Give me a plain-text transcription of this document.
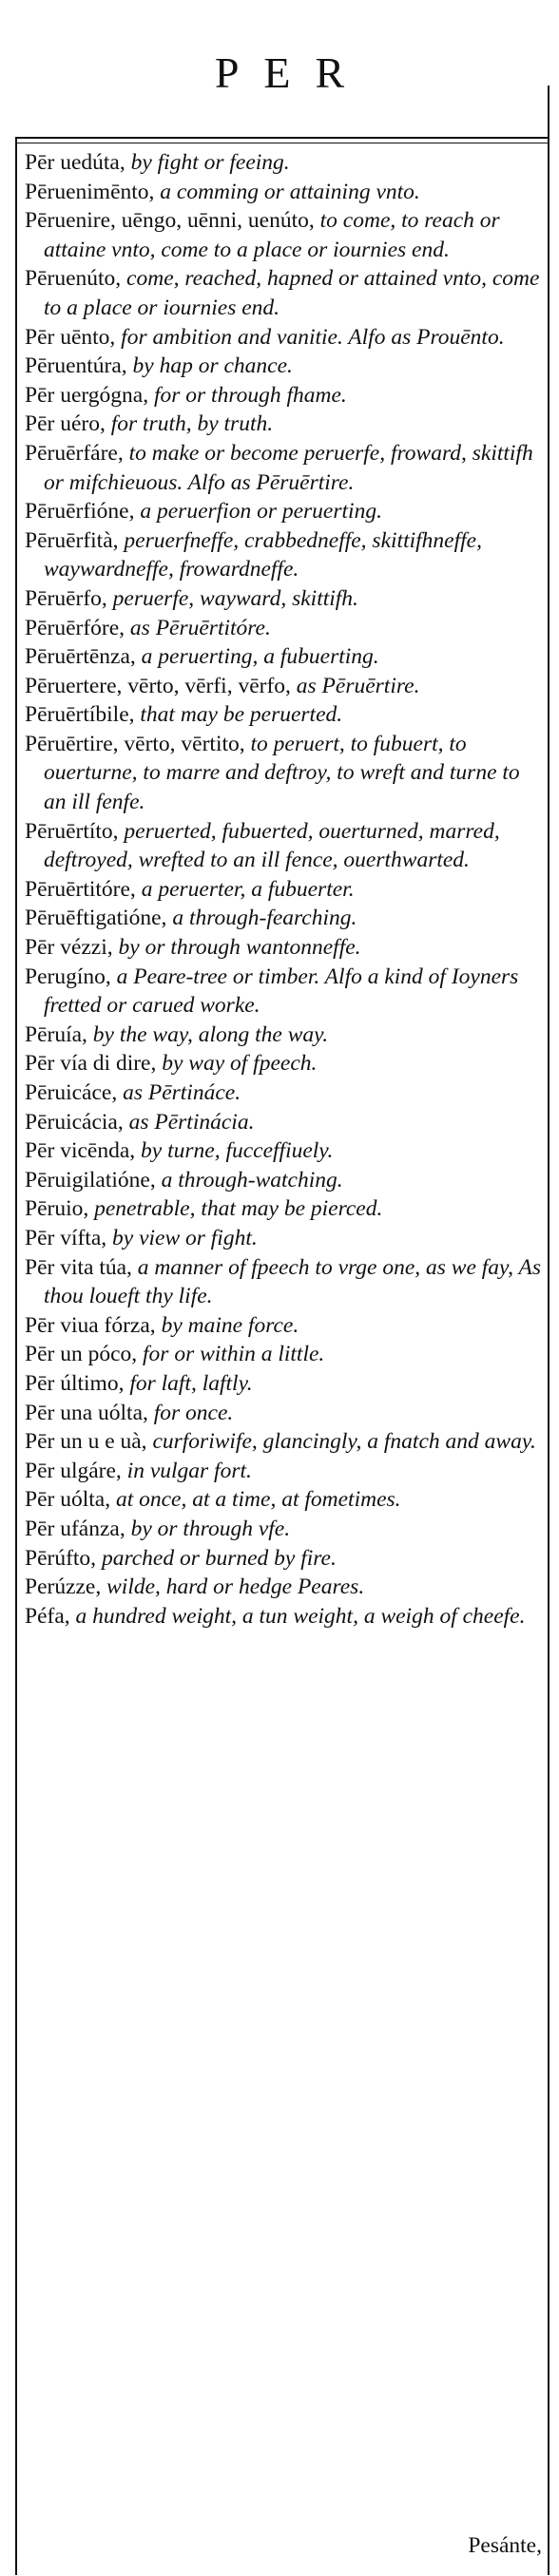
PER
Pēr uedúta, by fight or feeing.
Pēruenimēnto, a comming or attaining vnto.
Pēruenire, uēngo, uēnni, uenúto, to come, to reach or attaine vnto, come to a place or iournies end.
Pēruenúto, come, reached, hapned or attained vnto, come to a place or iournies end.
Pēr uēnto, for ambition and vanitie. Alfo as Prouēnto.
Pēruentúra, by hap or chance.
Pēr uergógna, for or through fhame.
Pēr uéro, for truth, by truth.
Pēruērfáre, to make or become peruerfe, froward, skittifh or mifchieuous. Alfo as Pēruērtire.
Pēruērfióne, a peruerfion or peruerting.
Pēruērfità, peruerfneffe, crabbedneffe, skittifhneffe, waywardneffe, frowardneffe.
Pēruērfo, peruerfe, wayward, skittifh.
Pēruērfóre, as Pēruērtitóre.
Pēruērtēnza, a peruerting, a fubuerting.
Pēruertere, vērto, vērfi, vērfo, as Pēruērtire.
Pēruērtíbile, that may be peruerted.
Pēruērtire, vērto, vērtito, to peruert, to fubuert, to ouerturne, to marre and deftroy, to wreft and turne to an ill fenfe.
Pēruērtíto, peruerted, fubuerted, ouerturned, marred, deftroyed, wrefted to an ill fence, ouerthwarted.
Pēruērtitóre, a peruerter, a fubuerter.
Pēruēftigatióne, a through-fearching.
Pēr vézzi, by or through wantonneffe.
Perugíno, a Peare-tree or timber. Alfo a kind of Ioyners fretted or carued worke.
Pēruía, by the way, along the way.
Pēr vía di dire, by way of fpeech.
Pēruicáce, as Pērtináce.
Pēruicácia, as Pērtinácia.
Pēr vicēnda, by turne, fucceffiuely.
Pēruigilatióne, a through-watching.
Pēruio, penetrable, that may be pierced.
Pēr vífta, by view or fight.
Pēr vita túa, a manner of fpeech to vrge one, as we fay, As thou loueft thy life.
Pēr viua fórza, by maine force.
Pēr un póco, for or within a little.
Pēr último, for laft, laftly.
Pēr una uólta, for once.
Pēr un u e uà, curforiwife, glancingly, a fnatch and away.
Pēr ulgáre, in vulgar fort.
Pēr uólta, at once, at a time, at fometimes.
Pēr ufánza, by or through vfe.
Pērúfto, parched or burned by fire.
Perúzze, wilde, hard or hedge Peares.
Péfa, a hundred weight, a tun weight, a weigh of cheefe.
Pesánte,
